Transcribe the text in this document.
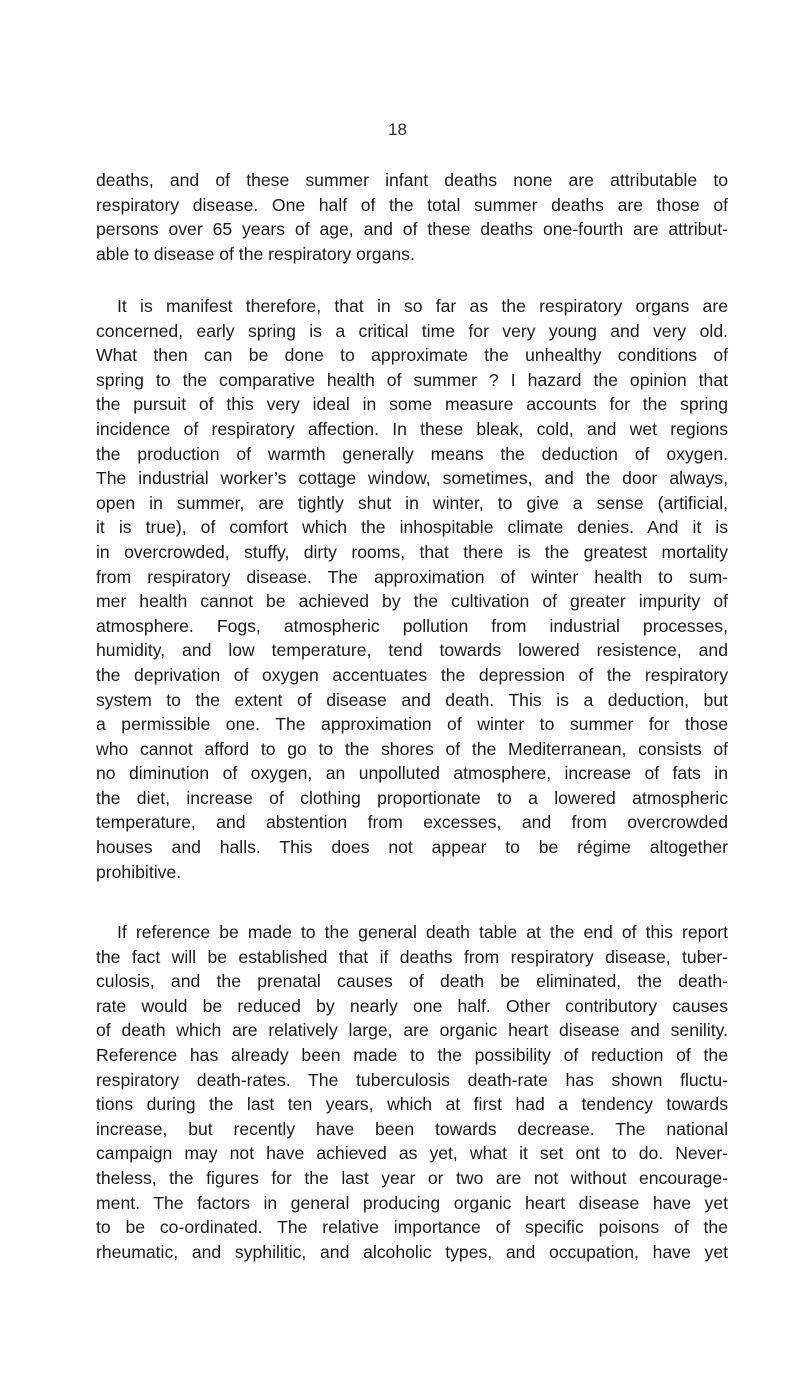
18
deaths, and of these summer infant deaths none are attributable to
respiratory disease. One half of the total summer deaths are those of
persons over 65 years of age, and of these deaths one-fourth are attribut-
able to disease of the respiratory organs.
It is manifest therefore, that in so far as the respiratory organs are
concerned, early spring is a critical time for very young and very old.
What then can be done to approximate the unhealthy conditions of
spring to the comparative health of summer ? I hazard the opinion that
the pursuit of this very ideal in some measure accounts for the spring
incidence of respiratory affection. In these bleak, cold, and wet regions
the production of warmth generally means the deduction of oxygen.
The industrial worker’s cottage window, sometimes, and the door always,
open in summer, are tightly shut in winter, to give a sense (artificial,
it is true), of comfort which the inhospitable climate denies. And it is
in overcrowded, stuffy, dirty rooms, that there is the greatest mortality
from respiratory disease. The approximation of winter health to sum-
mer health cannot be achieved by the cultivation of greater impurity of
atmosphere. Fogs, atmospheric pollution from industrial processes,
humidity, and low temperature, tend towards lowered resistence, and
the deprivation of oxygen accentuates the depression of the respiratory
system to the extent of disease and death. This is a deduction, but
a permissible one. The approximation of winter to summer for those
who cannot afford to go to the shores of the Mediterranean, consists of
no diminution of oxygen, an unpolluted atmosphere, increase of fats in
the diet, increase of clothing proportionate to a lowered atmospheric
temperature, and abstention from excesses, and from overcrowded
houses and halls. This does not appear to be régime altogether
prohibitive.
If reference be made to the general death table at the end of this report
the fact will be established that if deaths from respiratory disease, tuber-
culosis, and the prenatal causes of death be eliminated, the death-
rate would be reduced by nearly one half. Other contributory causes
of death which are relatively large, are organic heart disease and senility.
Reference has already been made to the possibility of reduction of the
respiratory death-rates. The tuberculosis death-rate has shown fluctu-
tions during the last ten years, which at first had a tendency towards
increase, but recently have been towards decrease. The national
campaign may not have achieved as yet, what it set ont to do. Never-
theless, the figures for the last year or two are not without encourage-
ment. The factors in general producing organic heart disease have yet
to be co-ordinated. The relative importance of specific poisons of the
rheumatic, and syphilitic, and alcoholic types, and occupation, have yet
